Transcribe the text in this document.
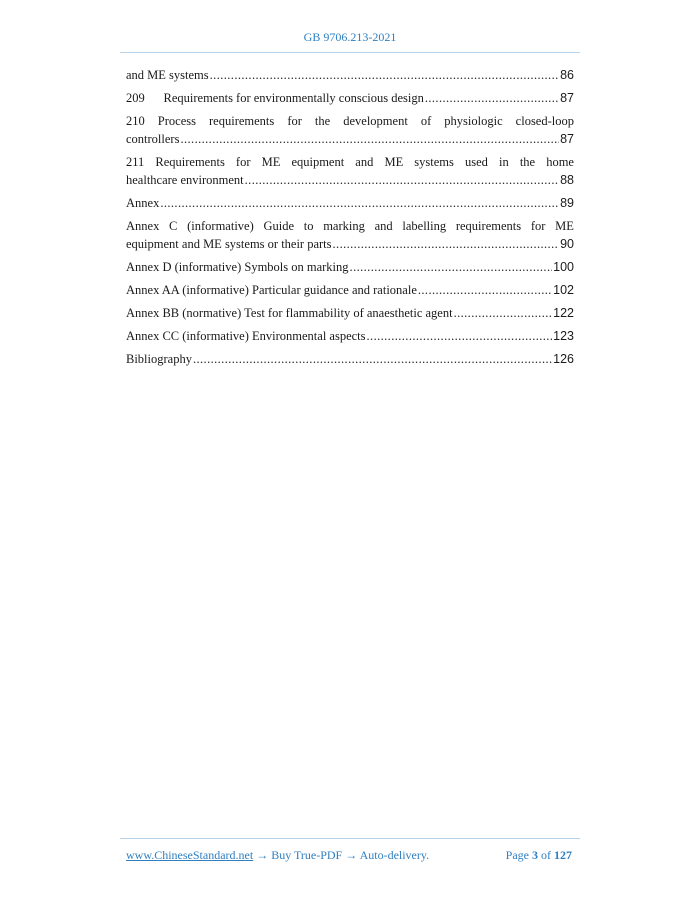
GB 9706.213-2021
and ME systems .....	86
209      Requirements for environmentally conscious design .....	87
210 Process requirements for the development of physiologic closed-loop
controllers .....	87
211 Requirements for ME equipment and ME systems used in the home
healthcare environment .....	88
Annex .....	89
Annex C (informative) Guide to marking and labelling requirements for ME
equipment and ME systems or their parts .....	90
Annex D (informative) Symbols on marking .....	100
Annex AA (informative) Particular guidance and rationale .....	102
Annex BB (normative) Test for flammability of anaesthetic agent .....	122
Annex CC (informative) Environmental aspects .....	123
Bibliography .....	126
www.ChineseStandard.net → Buy True-PDF → Auto-delivery.	Page 3 of 127
